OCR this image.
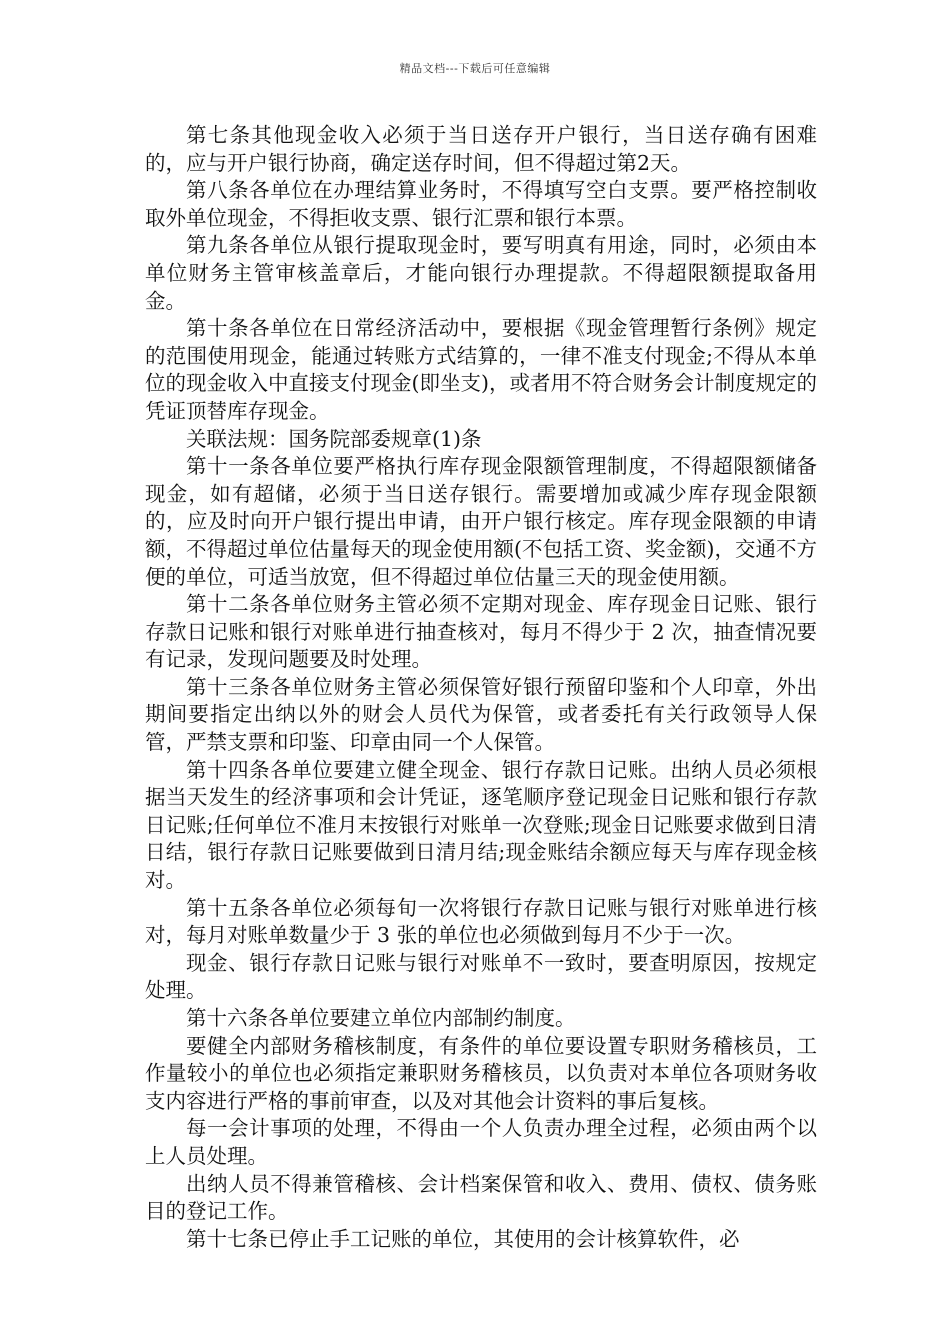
精品文档---下载后可任意编辑

第七条其他现金收入必须于当日送存开户银行，当日送存确有困难的，应与开户银行协商，确定送存时间，但不得超过第2天。

第八条各单位在办理结算业务时，不得填写空白支票。要严格控制收取外单位现金，不得拒收支票、银行汇票和银行本票。

第九条各单位从银行提取现金时，要写明真有用途，同时，必须由本单位财务主管审核盖章后，才能向银行办理提款。不得超限额提取备用金。

第十条各单位在日常经济活动中，要根据《现金管理暂行条例》规定的范围使用现金，能通过转账方式结算的，一律不准支付现金;不得从本单位的现金收入中直接支付现金(即坐支)，或者用不符合财务会计制度规定的凭证顶替库存现金。

关联法规：国务院部委规章(1)条

第十一条各单位要严格执行库存现金限额管理制度，不得超限额储备现金，如有超储，必须于当日送存银行。需要增加或减少库存现金限额的，应及时向开户银行提出申请，由开户银行核定。库存现金限额的申请额，不得超过单位估量每天的现金使用额(不包括工资、奖金额)，交通不方便的单位，可适当放宽，但不得超过单位估量三天的现金使用额。

第十二条各单位财务主管必须不定期对现金、库存现金日记账、银行存款日记账和银行对账单进行抽查核对，每月不得少于 2 次，抽查情况要有记录，发现问题要及时处理。

第十三条各单位财务主管必须保管好银行预留印鉴和个人印章，外出期间要指定出纳以外的财会人员代为保管，或者委托有关行政领导人保管，严禁支票和印鉴、印章由同一个人保管。

第十四条各单位要建立健全现金、银行存款日记账。出纳人员必须根据当天发生的经济事项和会计凭证，逐笔顺序登记现金日记账和银行存款日记账;任何单位不准月末按银行对账单一次登账;现金日记账要求做到日清日结，银行存款日记账要做到日清月结;现金账结余额应每天与库存现金核对。

第十五条各单位必须每旬一次将银行存款日记账与银行对账单进行核对，每月对账单数量少于 3 张的单位也必须做到每月不少于一次。

现金、银行存款日记账与银行对账单不一致时，要查明原因，按规定处理。

第十六条各单位要建立单位内部制约制度。

要健全内部财务稽核制度，有条件的单位要设置专职财务稽核员，工作量较小的单位也必须指定兼职财务稽核员，以负责对本单位各项财务收支内容进行严格的事前审查，以及对其他会计资料的事后复核。

每一会计事项的处理，不得由一个人负责办理全过程，必须由两个以上人员处理。

出纳人员不得兼管稽核、会计档案保管和收入、费用、债权、债务账目的登记工作。

第十七条已停止手工记账的单位，其使用的会计核算软件，必
